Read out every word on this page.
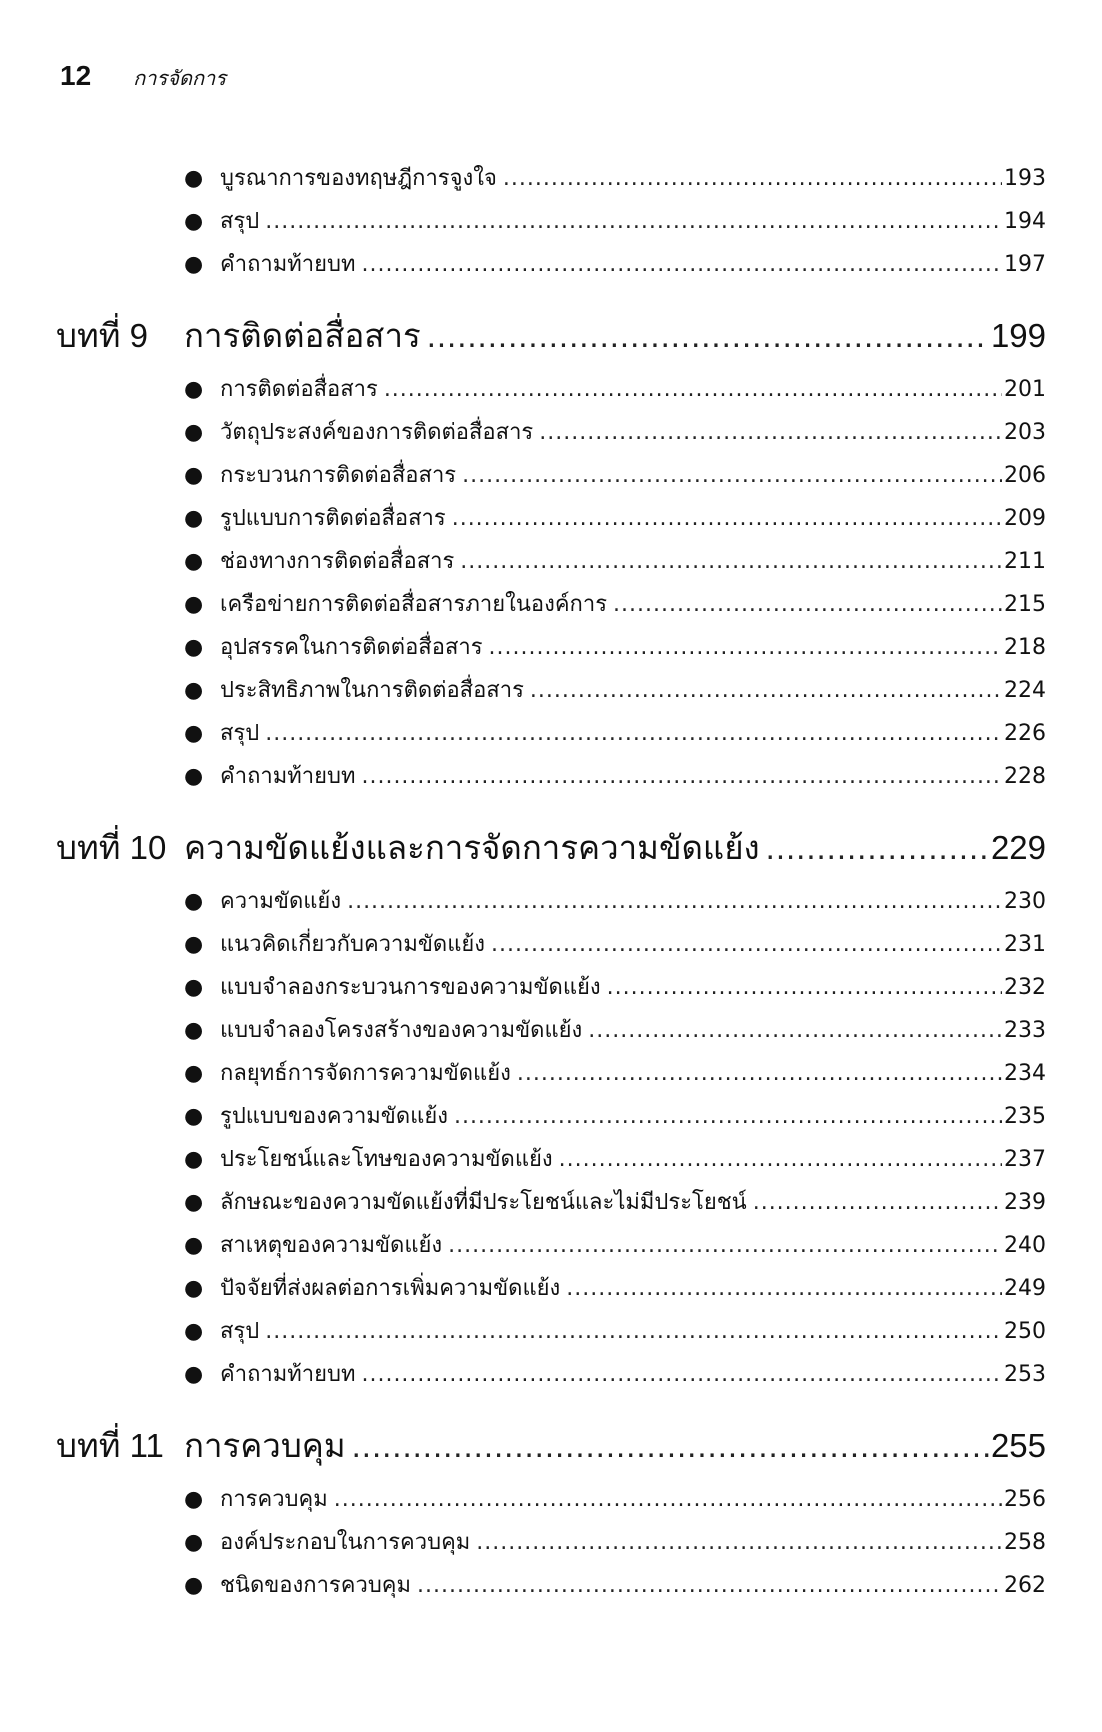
12 การจัดการ
● บูรณาการของทฤษฎีการจูงใจ .....	193
● สรุป .....	194
● คำถามท้ายบท .....	197
บทที่ 9	การติดต่อสื่อสาร .....	199
● การติดต่อสื่อสาร .....	201
● วัตถุประสงค์ของการติดต่อสื่อสาร .....	203
● กระบวนการติดต่อสื่อสาร .....	206
● รูปแบบการติดต่อสื่อสาร .....	209
● ช่องทางการติดต่อสื่อสาร .....	211
● เครือข่ายการติดต่อสื่อสารภายในองค์การ .....	215
● อุปสรรคในการติดต่อสื่อสาร .....	218
● ประสิทธิภาพในการติดต่อสื่อสาร .....	224
● สรุป .....	226
● คำถามท้ายบท .....	228
บทที่ 10 ความขัดแย้งและการจัดการความขัดแย้ง .....	229
● ความขัดแย้ง .....	230
● แนวคิดเกี่ยวกับความขัดแย้ง .....	231
● แบบจำลองกระบวนการของความขัดแย้ง .....	232
● แบบจำลองโครงสร้างของความขัดแย้ง .....	233
● กลยุทธ์การจัดการความขัดแย้ง .....	234
● รูปแบบของความขัดแย้ง .....	235
● ประโยชน์และโทษของความขัดแย้ง .....	237
● ลักษณะของความขัดแย้งที่มีประโยชน์และไม่มีประโยชน์ .....	239
● สาเหตุของความขัดแย้ง .....	240
● ปัจจัยที่ส่งผลต่อการเพิ่มความขัดแย้ง .....	249
● สรุป .....	250
● คำถามท้ายบท .....	253
บทที่ 11 การควบคุม .....	255
● การควบคุม .....	256
● องค์ประกอบในการควบคุม .....	258
● ชนิดของการควบคุม .....	262
